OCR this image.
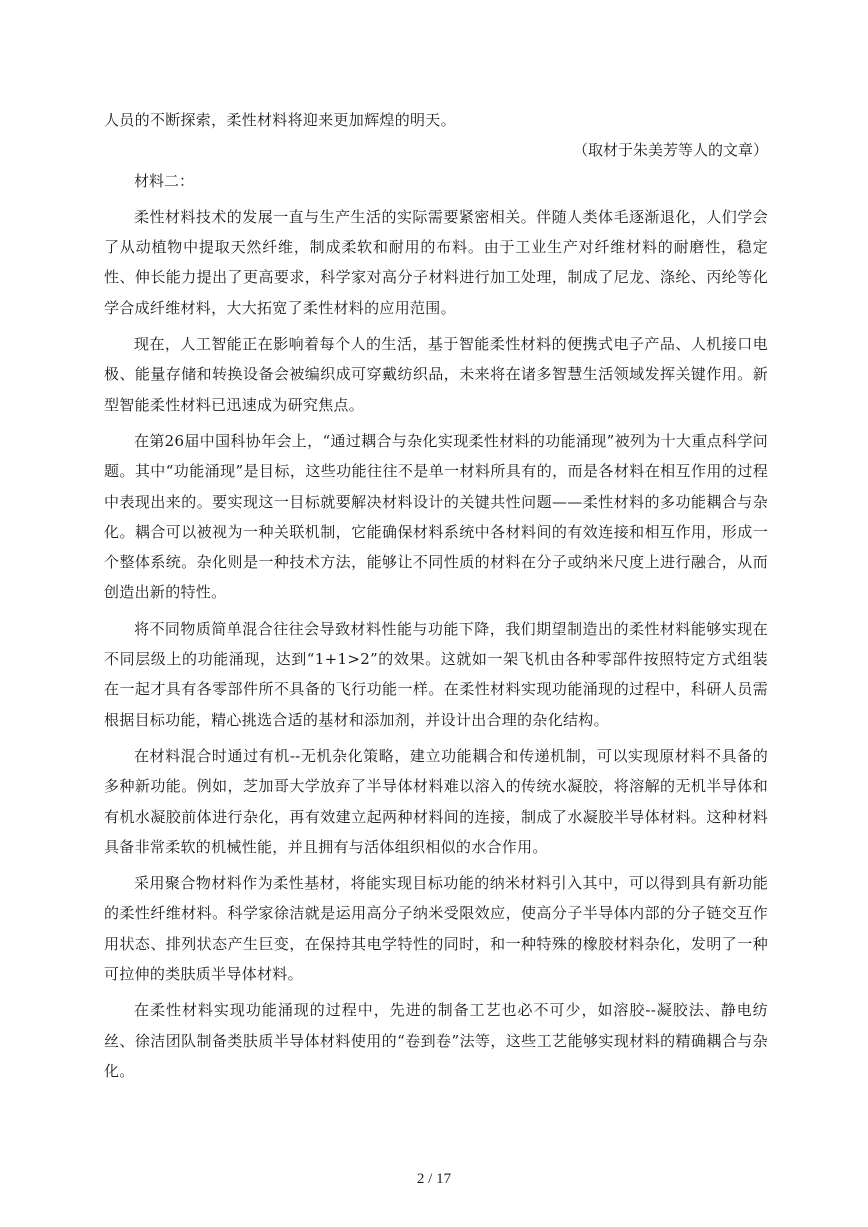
人员的不断探索，柔性材料将迎来更加辉煌的明天。

（取材于朱美芳等人的文章）

材料二：

柔性材料技术的发展一直与生产生活的实际需要紧密相关。伴随人类体毛逐渐退化，人们学会了从动植物中提取天然纤维，制成柔软和耐用的布料。由于工业生产对纤维材料的耐磨性，稳定性、伸长能力提出了更高要求，科学家对高分子材料进行加工处理，制成了尼龙、涤纶、丙纶等化学合成纤维材料，大大拓宽了柔性材料的应用范围。

现在，人工智能正在影响着每个人的生活，基于智能柔性材料的便携式电子产品、人机接口电极、能量存储和转换设备会被编织成可穿戴纺织品，未来将在诸多智慧生活领域发挥关键作用。新型智能柔性材料已迅速成为研究焦点。

在第26届中国科协年会上，“通过耦合与杂化实现柔性材料的功能涌现”被列为十大重点科学问题。其中“功能涌现”是目标，这些功能往往不是单一材料所具有的，而是各材料在相互作用的过程中表现出来的。要实现这一目标就要解决材料设计的关键共性问题——柔性材料的多功能耦合与杂化。耦合可以被视为一种关联机制，它能确保材料系统中各材料间的有效连接和相互作用，形成一个整体系统。杂化则是一种技术方法，能够让不同性质的材料在分子或纳米尺度上进行融合，从而创造出新的特性。

将不同物质简单混合往往会导致材料性能与功能下降，我们期望制造出的柔性材料能够实现在不同层级上的功能涌现，达到“1+1>2”的效果。这就如一架飞机由各种零部件按照特定方式组装在一起才具有各零部件所不具备的飞行功能一样。在柔性材料实现功能涌现的过程中，科研人员需根据目标功能，精心挑选合适的基材和添加剂，并设计出合理的杂化结构。

在材料混合时通过有机--无机杂化策略，建立功能耦合和传递机制，可以实现原材料不具备的多种新功能。例如，芝加哥大学放弃了半导体材料难以溶入的传统水凝胶，将溶解的无机半导体和有机水凝胶前体进行杂化，再有效建立起两种材料间的连接，制成了水凝胶半导体材料。这种材料具备非常柔软的机械性能，并且拥有与活体组织相似的水合作用。

采用聚合物材料作为柔性基材，将能实现目标功能的纳米材料引入其中，可以得到具有新功能的柔性纤维材料。科学家徐洁就是运用高分子纳米受限效应，使高分子半导体内部的分子链交互作用状态、排列状态产生巨变，在保持其电学特性的同时，和一种特殊的橡胶材料杂化，发明了一种可拉伸的类肤质半导体材料。

在柔性材料实现功能涌现的过程中，先进的制备工艺也必不可少，如溶胶--凝胶法、静电纺丝、徐洁团队制备类肤质半导体材料使用的“卷到卷”法等，这些工艺能够实现材料的精确耦合与杂化。

2 / 17
